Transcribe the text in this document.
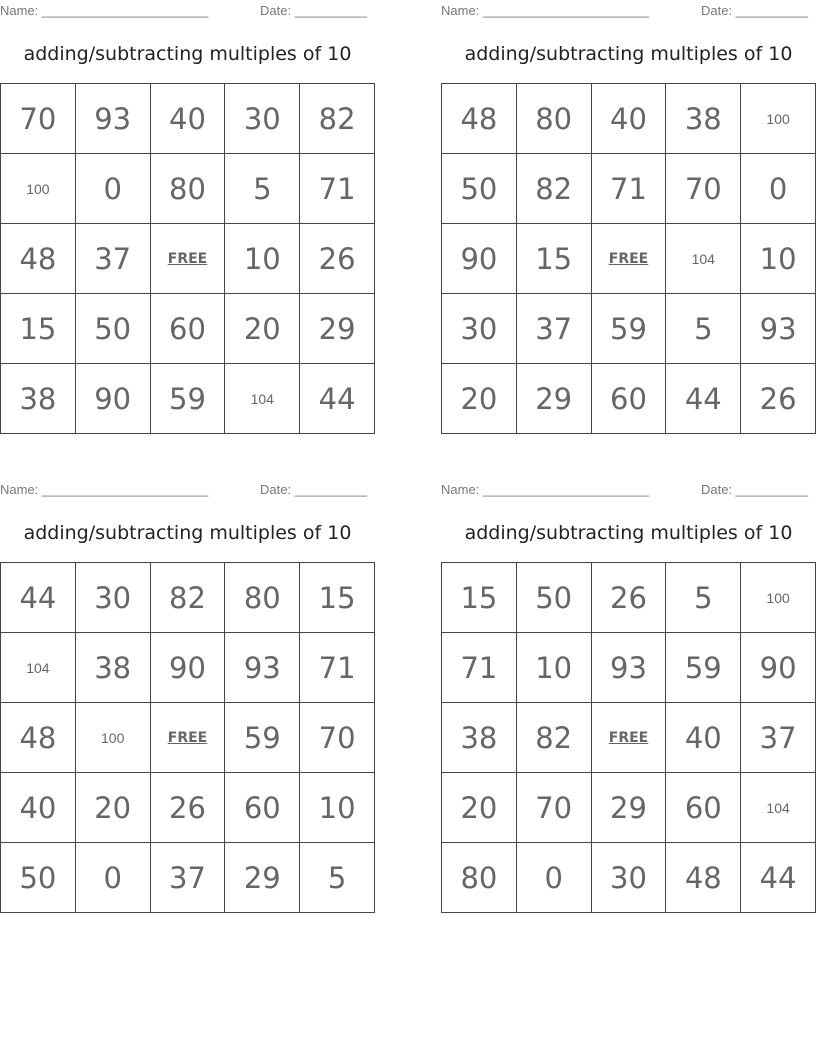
Name: _______________________	Date: __________
adding/subtracting multiples of 10
70	93	40	30	82
100	0	80	5	71
48	37	FREE	10	26
15	50	60	20	29
38	90	59	104	44
Name: _______________________	Date: __________
adding/subtracting multiples of 10
48	80	40	38	100
50	82	71	70	0
90	15	FREE	104	10
30	37	59	5	93
20	29	60	44	26
Name: _______________________	Date: __________
adding/subtracting multiples of 10
44	30	82	80	15
104	38	90	93	71
48	100	FREE	59	70
40	20	26	60	10
50	0	37	29	5
Name: _______________________	Date: __________
adding/subtracting multiples of 10
15	50	26	5	100
71	10	93	59	90
38	82	FREE	40	37
20	70	29	60	104
80	0	30	48	44
